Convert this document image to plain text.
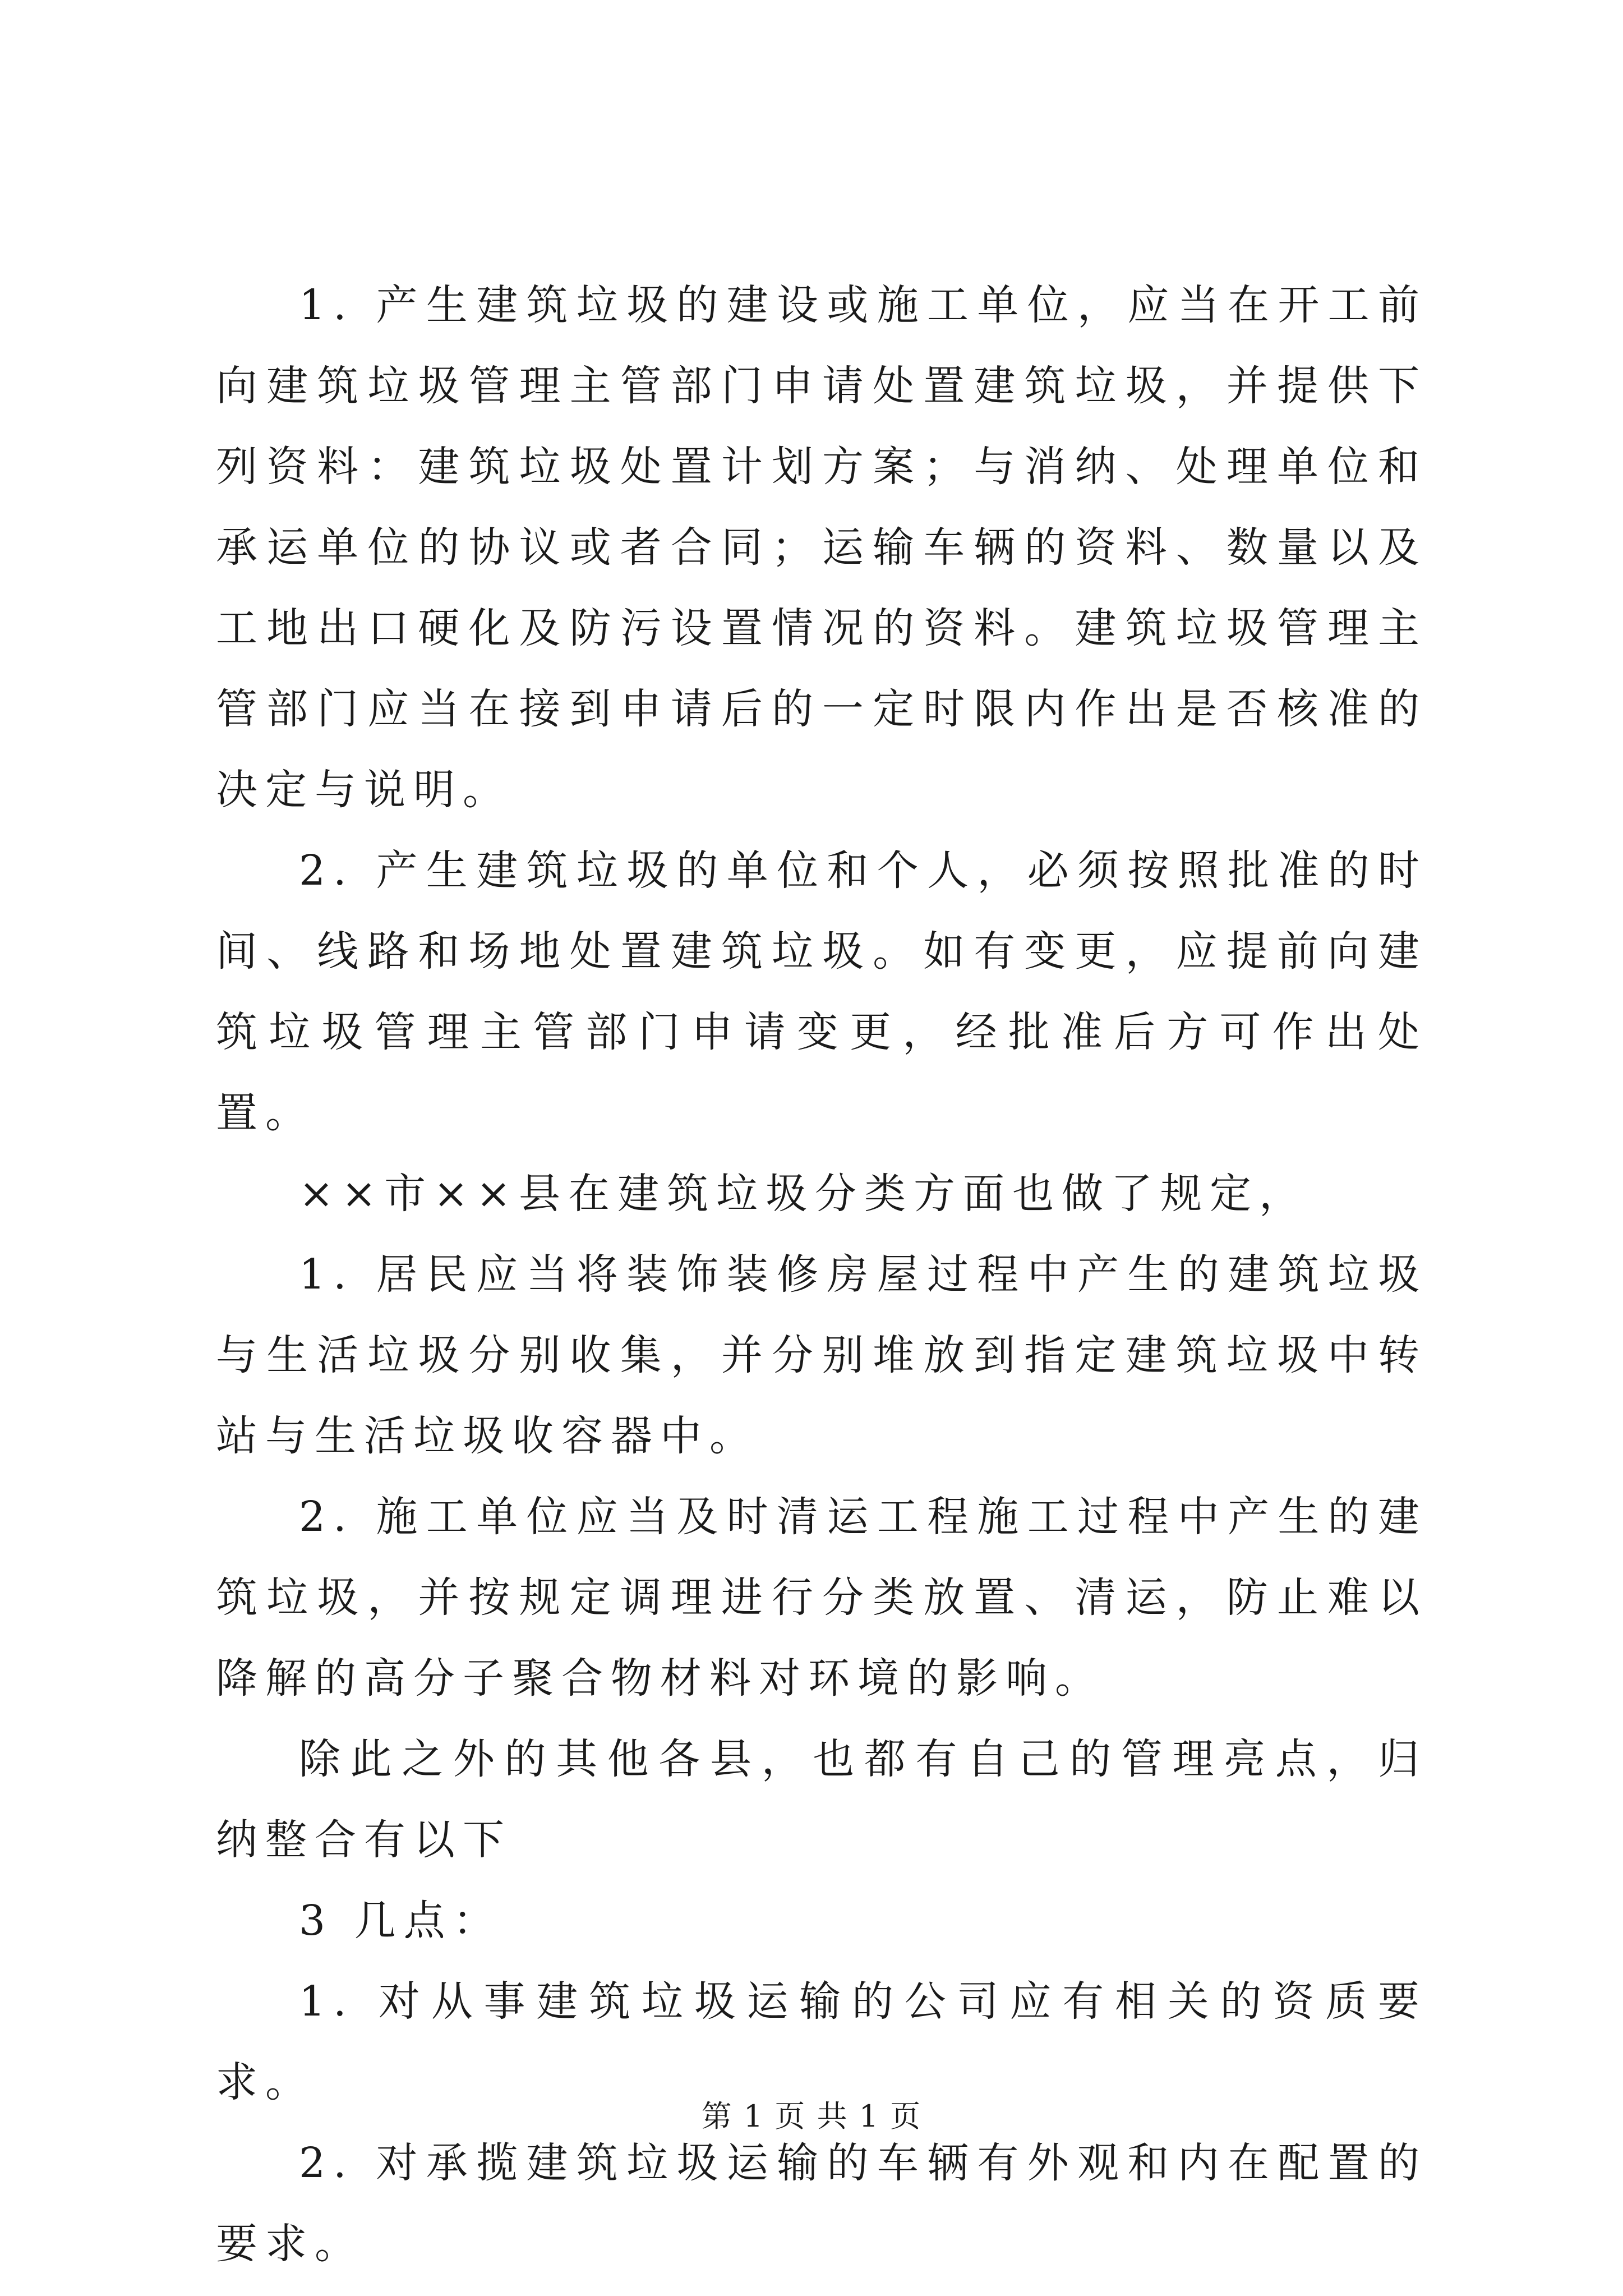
1. 产生建筑垃圾的建设或施工单位，应当在开工前向建筑垃圾管理主管部门申请处置建筑垃圾，并提供下列资料：建筑垃圾处置计划方案；与消纳、处理单位和承运单位的协议或者合同；运输车辆的资料、数量以及工地出口硬化及防污设置情况的资料。建筑垃圾管理主管部门应当在接到申请后的一定时限内作出是否核准的决定与说明。

2. 产生建筑垃圾的单位和个人，必须按照批准的时间、线路和场地处置建筑垃圾。如有变更，应提前向建筑垃圾管理主管部门申请变更，经批准后方可作出处置。

××市××县在建筑垃圾分类方面也做了规定，

1. 居民应当将装饰装修房屋过程中产生的建筑垃圾与生活垃圾分别收集，并分别堆放到指定建筑垃圾中转站与生活垃圾收容器中。

2. 施工单位应当及时清运工程施工过程中产生的建筑垃圾，并按规定调理进行分类放置、清运，防止难以降解的高分子聚合物材料对环境的影响。

除此之外的其他各县，也都有自己的管理亮点，归纳整合有以下

3 几点：

1. 对从事建筑垃圾运输的公司应有相关的资质要求。

2. 对承揽建筑垃圾运输的车辆有外观和内在配置的要求。

第 1 页 共 1 页
